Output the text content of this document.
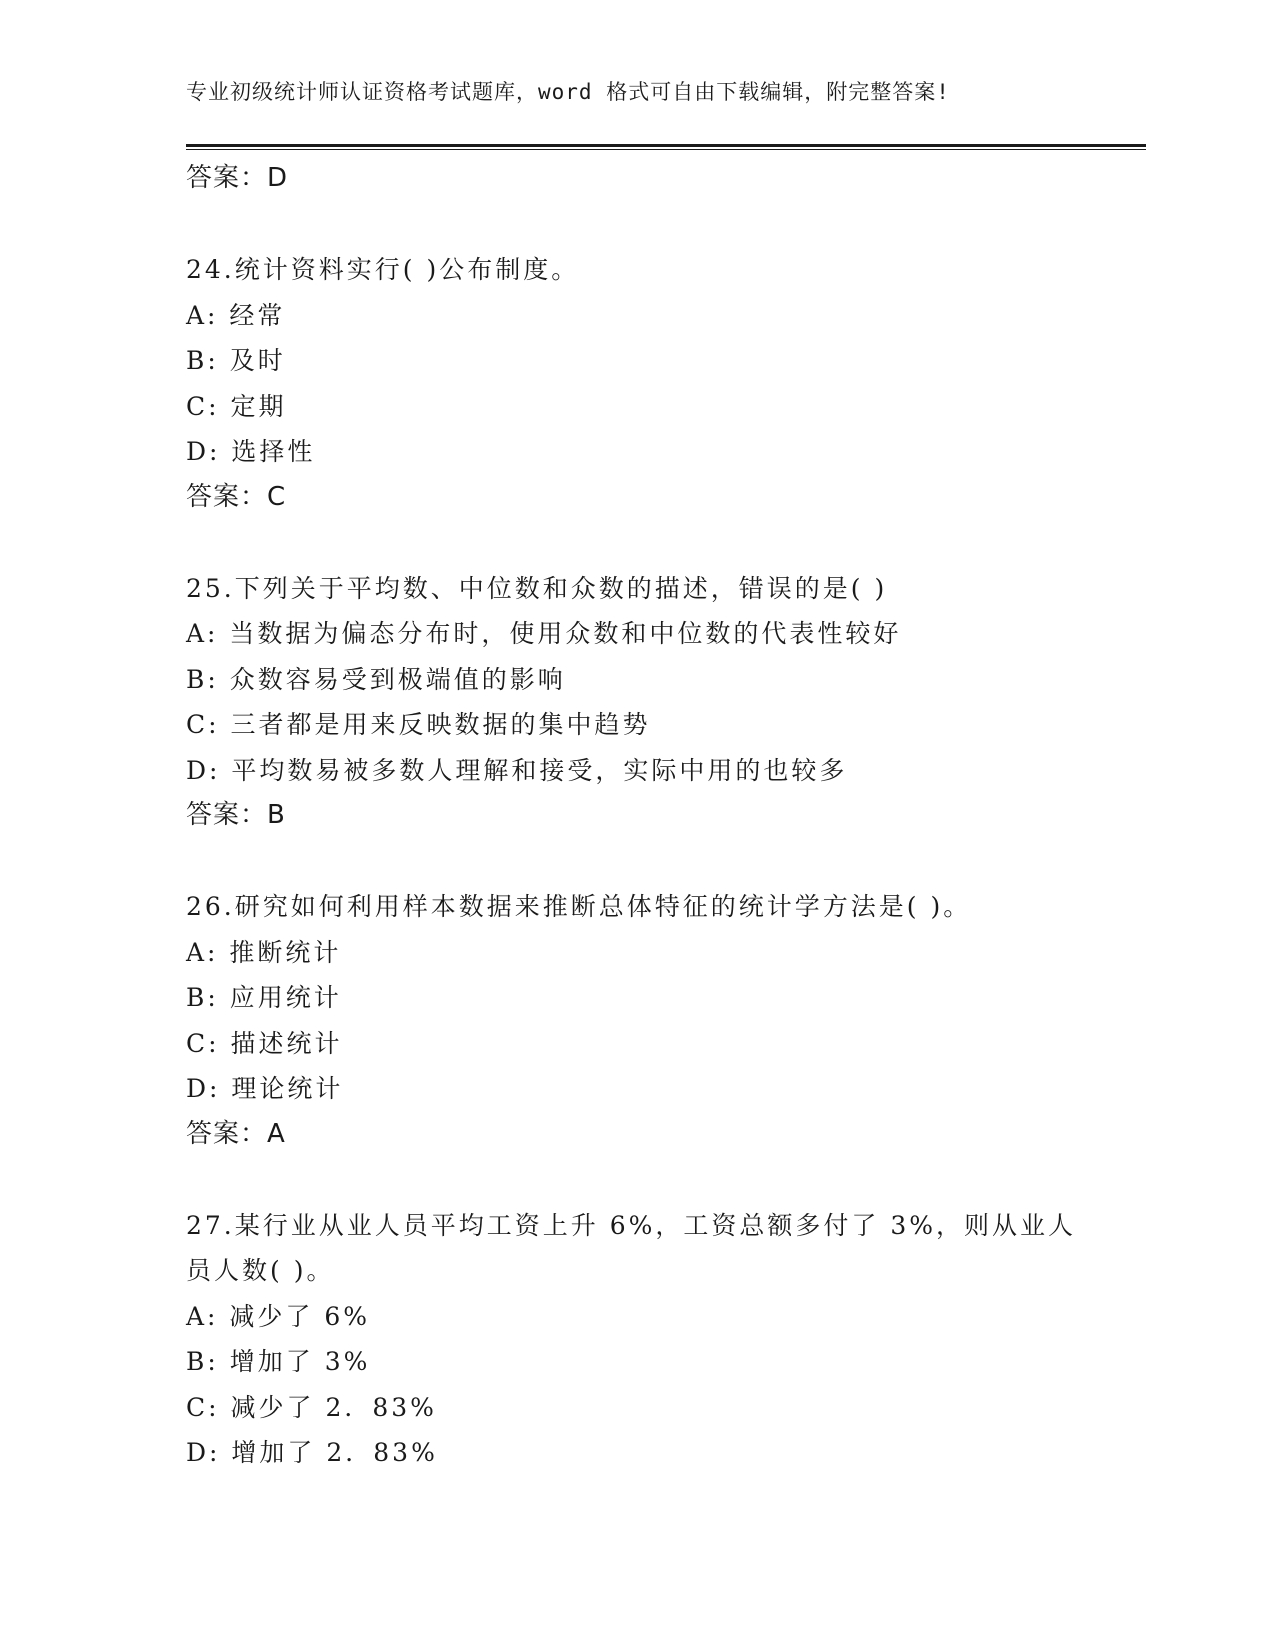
专业初级统计师认证资格考试题库，word 格式可自由下载编辑，附完整答案!
答案：D
24.统计资料实行( )公布制度。
A: 经常
B: 及时
C: 定期
D: 选择性
答案：C
25.下列关于平均数、中位数和众数的描述，错误的是( )
A: 当数据为偏态分布时，使用众数和中位数的代表性较好
B: 众数容易受到极端值的影响
C: 三者都是用来反映数据的集中趋势
D: 平均数易被多数人理解和接受，实际中用的也较多
答案：B
26.研究如何利用样本数据来推断总体特征的统计学方法是( )。
A: 推断统计
B: 应用统计
C: 描述统计
D: 理论统计
答案：A
27.某行业从业人员平均工资上升 6%，工资总额多付了 3%，则从业人
员人数( )。
A: 减少了 6%
B: 增加了 3%
C: 减少了 2．83%
D: 增加了 2．83%
